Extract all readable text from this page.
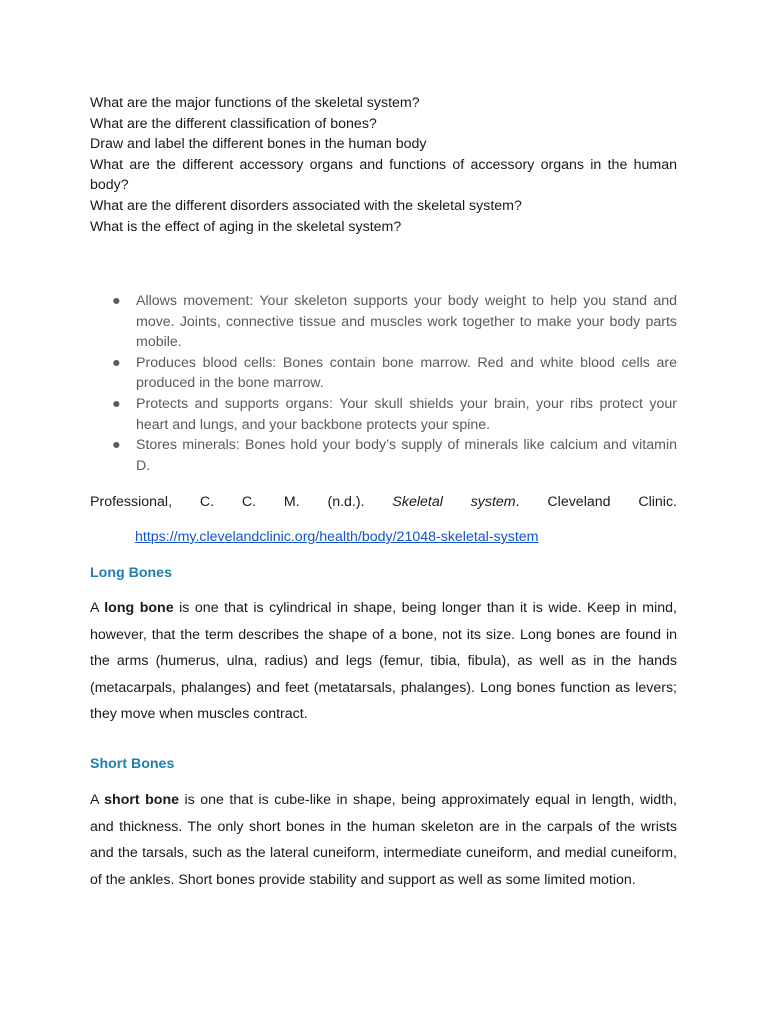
What are the major functions of the skeletal system?

What are the different classification of bones?

Draw and label the different bones in the human body

What are the different accessory organs and functions of accessory organs in the human body?

What are the different disorders associated with the skeletal system?

What is the effect of aging in the skeletal system?

● Allows movement: Your skeleton supports your body weight to help you stand and move. Joints, connective tissue and muscles work together to make your body parts mobile.
● Produces blood cells: Bones contain bone marrow. Red and white blood cells are produced in the bone marrow.
● Protects and supports organs: Your skull shields your brain, your ribs protect your heart and lungs, and your backbone protects your spine.
● Stores minerals: Bones hold your body’s supply of minerals like calcium and vitamin D.

Professional, C. C. M. (n.d.). Skeletal system. Cleveland Clinic.

https://my.clevelandclinic.org/health/body/21048-skeletal-system
Long Bones

A long bone is one that is cylindrical in shape, being longer than it is wide. Keep in mind, however, that the term describes the shape of a bone, not its size. Long bones are found in the arms (humerus, ulna, radius) and legs (femur, tibia, fibula), as well as in the hands (metacarpals, phalanges) and feet (metatarsals, phalanges). Long bones function as levers; they move when muscles contract.

Short Bones

A short bone is one that is cube-like in shape, being approximately equal in length, width, and thickness. The only short bones in the human skeleton are in the carpals of the wrists and the tarsals, such as the lateral cuneiform, intermediate cuneiform, and medial cuneiform, of the ankles. Short bones provide stability and support as well as some limited motion.
